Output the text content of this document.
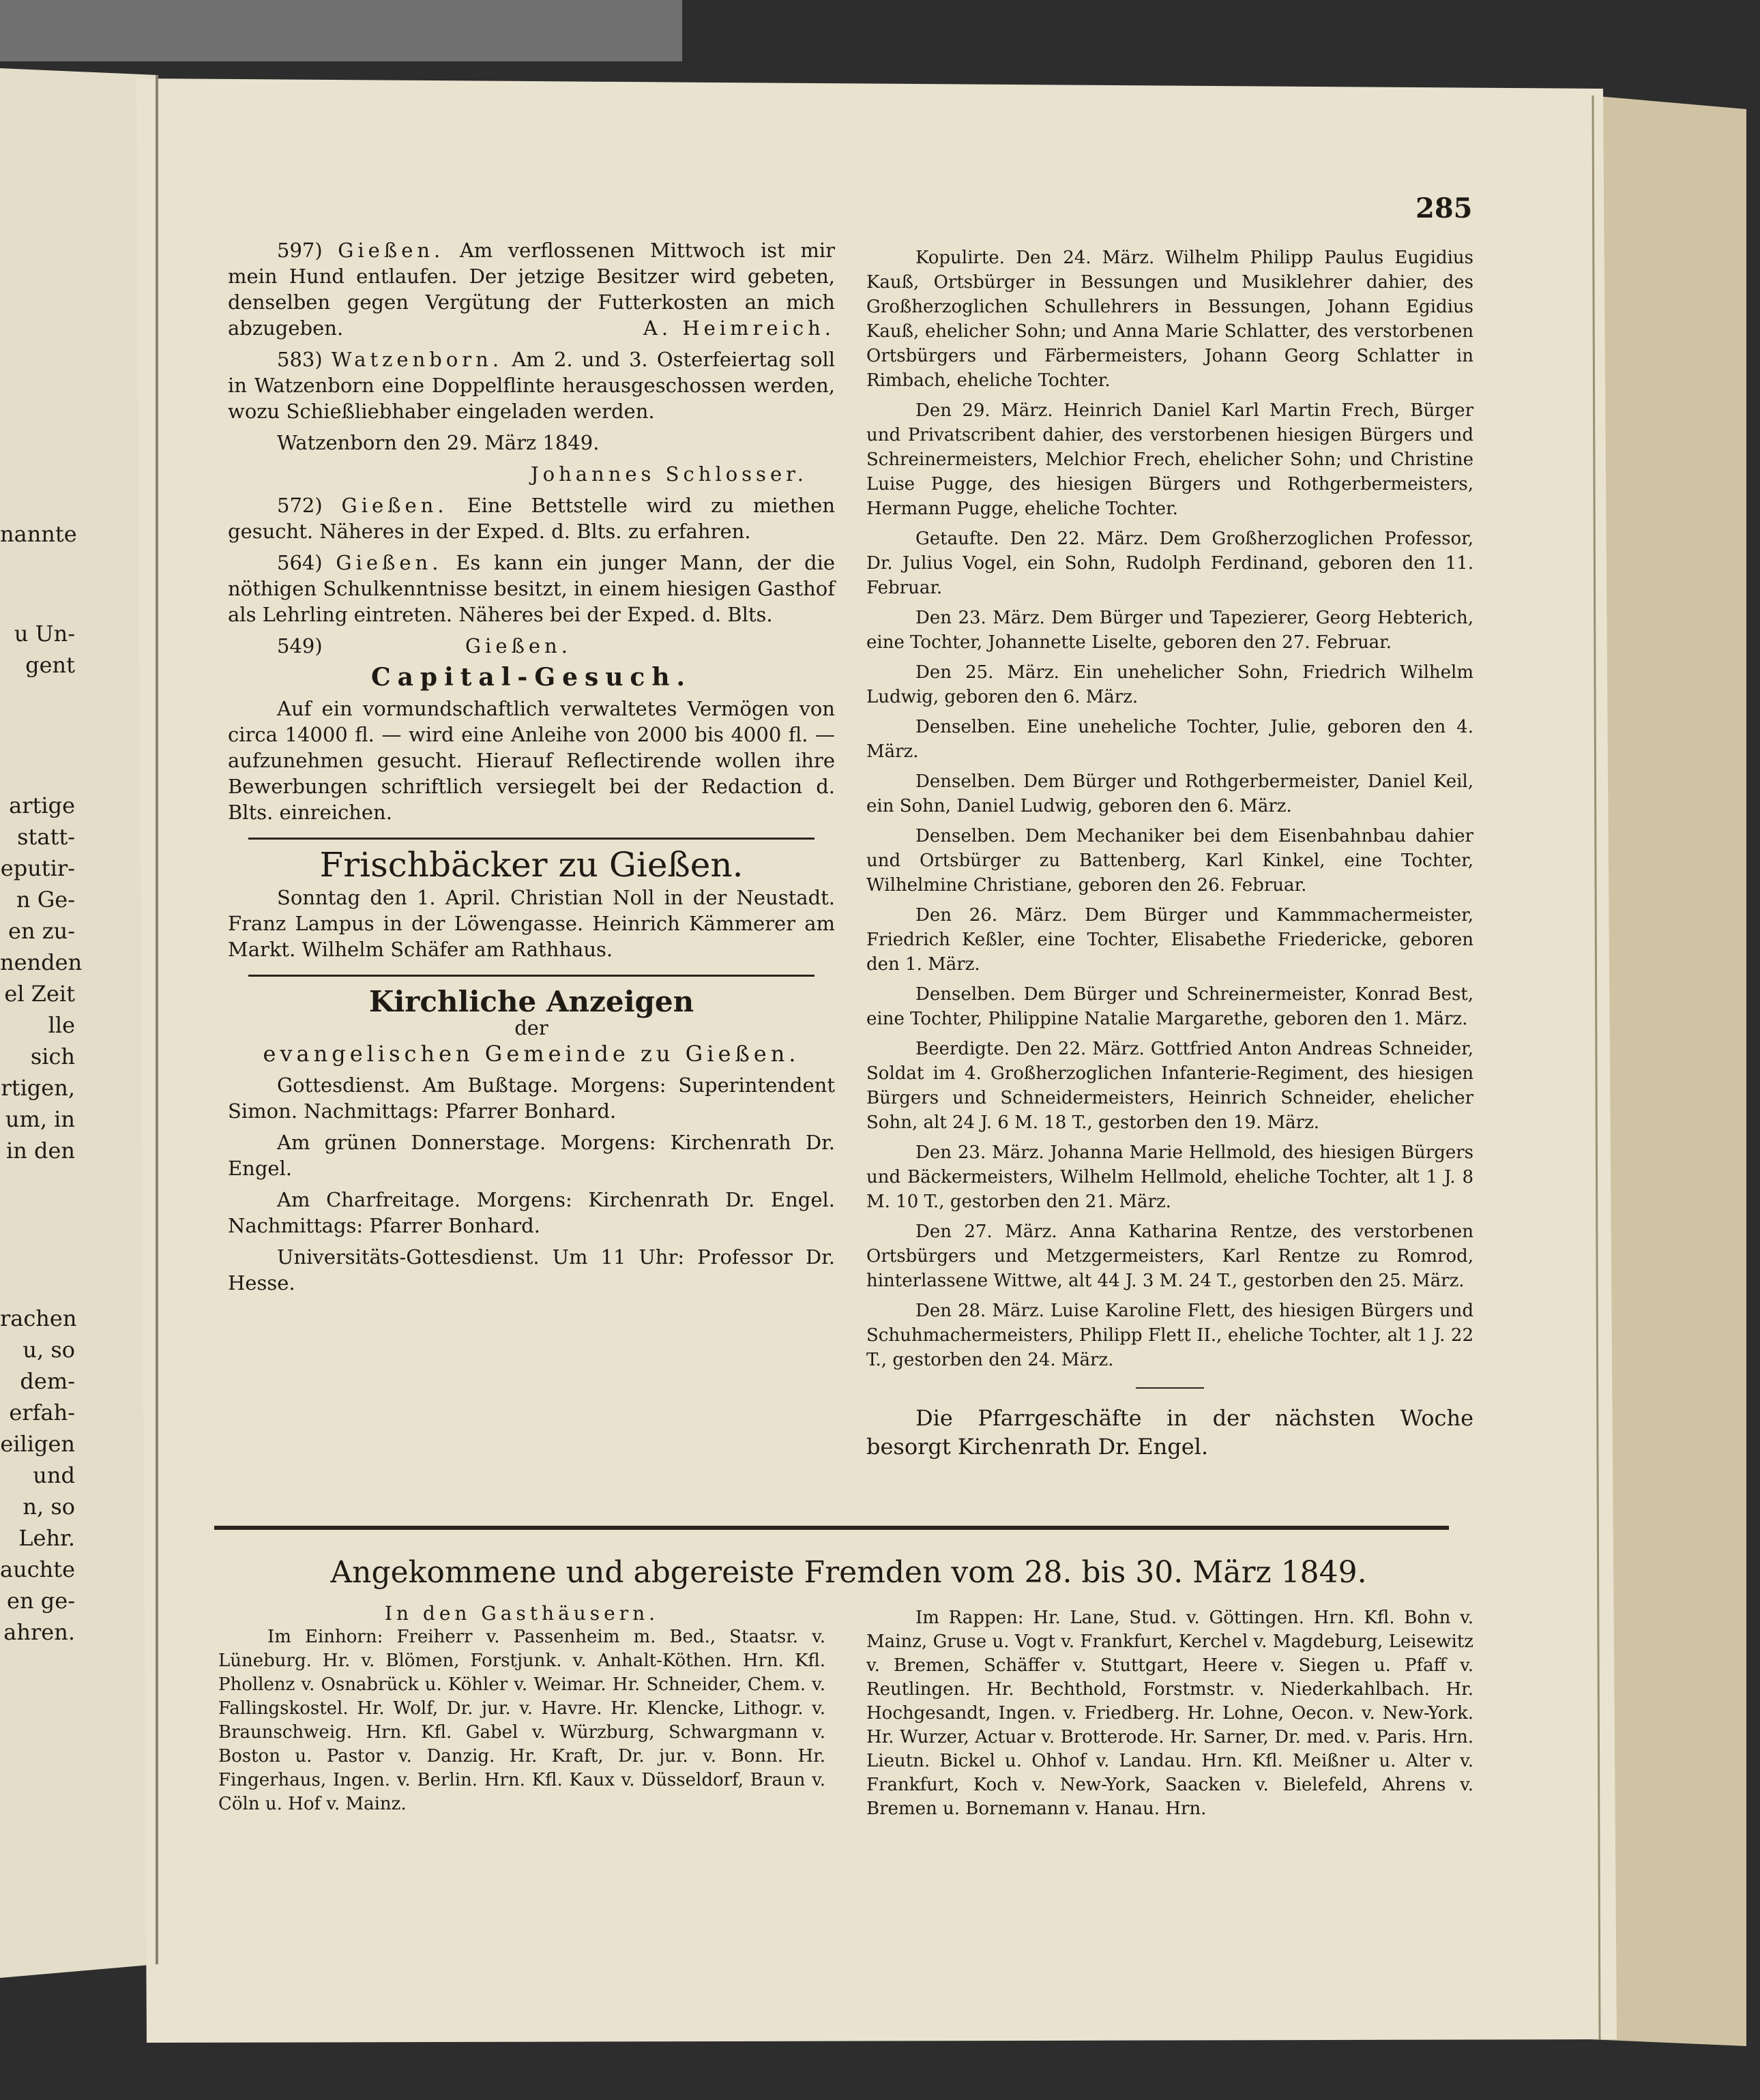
nannte
u Un-
gent
artige
statt-
eputir-
n Ge-
en zu-
nenden
el Zeit
lle sich
rtigen,
um, in
in den
rachen
u, so
dem-
erfah-
eiligen
und
n, so
Lehr.
auchte
en ge-
ahren.
285

597) Gießen. Am verflossenen Mittwoch ist mir mein Hund entlaufen. Der jetzige Besitzer wird gebeten, denselben gegen Vergütung der Futterkosten an mich abzugeben.	A. Heimreich.

583) Watzenborn. Am 2. und 3. Osterfeiertag soll in Watzenborn eine Doppelflinte herausgeschossen werden, wozu Schießliebhaber eingeladen werden.

Watzenborn den 29. März 1849.

Johannes Schlosser.

572) Gießen. Eine Bettstelle wird zu miethen gesucht. Näheres in der Exped. d. Blts. zu erfahren.

564) Gießen. Es kann ein junger Mann, der die nöthigen Schulkenntnisse besitzt, in einem hiesigen Gasthof als Lehrling eintreten. Näheres bei der Exped. d. Blts.

549)	Gießen.

Capital-Gesuch.

Auf ein vormundschaftlich verwaltetes Vermögen von circa 14000 fl. — wird eine Anleihe von 2000 bis 4000 fl. — aufzunehmen gesucht. Hierauf Reflectirende wollen ihre Bewerbungen schriftlich versiegelt bei der Redaction d. Blts. einreichen.

Frischbäcker zu Gießen.

Sonntag den 1. April. Christian Noll in der Neustadt. Franz Lampus in der Löwengasse. Heinrich Kämmerer am Markt. Wilhelm Schäfer am Rathhaus.

Kirchliche Anzeigen

der

evangelischen Gemeinde zu Gießen.

Gottesdienst. Am Bußtage. Morgens: Superintendent Simon. Nachmittags: Pfarrer Bonhard.

Am grünen Donnerstage. Morgens: Kirchenrath Dr. Engel.

Am Charfreitage. Morgens: Kirchenrath Dr. Engel. Nachmittags: Pfarrer Bonhard.

Universitäts-Gottesdienst. Um 11 Uhr: Professor Dr. Hesse.

Kopulirte. Den 24. März. Wilhelm Philipp Paulus Eugidius Kauß, Ortsbürger in Bessungen und Musiklehrer dahier, des Großherzoglichen Schullehrers in Bessungen, Johann Egidius Kauß, ehelicher Sohn; und Anna Marie Schlatter, des verstorbenen Ortsbürgers und Färbermeisters, Johann Georg Schlatter in Rimbach, eheliche Tochter.

Den 29. März. Heinrich Daniel Karl Martin Frech, Bürger und Privatscribent dahier, des verstorbenen hiesigen Bürgers und Schreinermeisters, Melchior Frech, ehelicher Sohn; und Christine Luise Pugge, des hiesigen Bürgers und Rothgerbermeisters, Hermann Pugge, eheliche Tochter.

Getaufte. Den 22. März. Dem Großherzoglichen Professor, Dr. Julius Vogel, ein Sohn, Rudolph Ferdinand, geboren den 11. Februar.

Den 23. März. Dem Bürger und Tapezierer, Georg Hebterich, eine Tochter, Johannette Liselte, geboren den 27. Februar.

Den 25. März. Ein unehelicher Sohn, Friedrich Wilhelm Ludwig, geboren den 6. März.

Denselben. Eine uneheliche Tochter, Julie, geboren den 4. März.

Denselben. Dem Bürger und Rothgerbermeister, Daniel Keil, ein Sohn, Daniel Ludwig, geboren den 6. März.

Denselben. Dem Mechaniker bei dem Eisenbahnbau dahier und Ortsbürger zu Battenberg, Karl Kinkel, eine Tochter, Wilhelmine Christiane, geboren den 26. Februar.

Den 26. März. Dem Bürger und Kammmachermeister, Friedrich Keßler, eine Tochter, Elisabethe Friedericke, geboren den 1. März.

Denselben. Dem Bürger und Schreinermeister, Konrad Best, eine Tochter, Philippine Natalie Margarethe, geboren den 1. März.

Beerdigte. Den 22. März. Gottfried Anton Andreas Schneider, Soldat im 4. Großherzoglichen Infanterie-Regiment, des hiesigen Bürgers und Schneidermeisters, Heinrich Schneider, ehelicher Sohn, alt 24 J. 6 M. 18 T., gestorben den 19. März.

Den 23. März. Johanna Marie Hellmold, des hiesigen Bürgers und Bäckermeisters, Wilhelm Hellmold, eheliche Tochter, alt 1 J. 8 M. 10 T., gestorben den 21. März.

Den 27. März. Anna Katharina Rentze, des verstorbenen Ortsbürgers und Metzgermeisters, Karl Rentze zu Romrod, hinterlassene Wittwe, alt 44 J. 3 M. 24 T., gestorben den 25. März.

Den 28. März. Luise Karoline Flett, des hiesigen Bürgers und Schuhmachermeisters, Philipp Flett II., eheliche Tochter, alt 1 J. 22 T., gestorben den 24. März.

Die Pfarrgeschäfte in der nächsten Woche besorgt Kirchenrath Dr. Engel.

Angekommene und abgereiste Fremden vom 28. bis 30. März 1849.

In den Gasthäusern.

Im Einhorn: Freiherr v. Passenheim m. Bed., Staatsr. v. Lüneburg. Hr. v. Blömen, Forstjunk. v. Anhalt-Köthen. Hrn. Kfl. Phollenz v. Osnabrück u. Köhler v. Weimar. Hr. Schneider, Chem. v. Fallingskostel. Hr. Wolf, Dr. jur. v. Havre. Hr. Klencke, Lithogr. v. Braunschweig. Hrn. Kfl. Gabel v. Würzburg, Schwargmann v. Boston u. Pastor v. Danzig. Hr. Kraft, Dr. jur. v. Bonn. Hr. Fingerhaus, Ingen. v. Berlin. Hrn. Kfl. Kaux v. Düsseldorf, Braun v. Cöln u. Hof v. Mainz.

Im Rappen: Hr. Lane, Stud. v. Göttingen. Hrn. Kfl. Bohn v. Mainz, Gruse u. Vogt v. Frankfurt, Kerchel v. Magdeburg, Leisewitz v. Bremen, Schäffer v. Stuttgart, Heere v. Siegen u. Pfaff v. Reutlingen. Hr. Bechthold, Forstmstr. v. Niederkahlbach. Hr. Hochgesandt, Ingen. v. Friedberg. Hr. Lohne, Oecon. v. New-York. Hr. Wurzer, Actuar v. Brotterode. Hr. Sarner, Dr. med. v. Paris. Hrn. Lieutn. Bickel u. Ohhof v. Landau. Hrn. Kfl. Meißner u. Alter v. Frankfurt, Koch v. New-York, Saacken v. Bielefeld, Ahrens v. Bremen u. Bornemann v. Hanau. Hrn.
